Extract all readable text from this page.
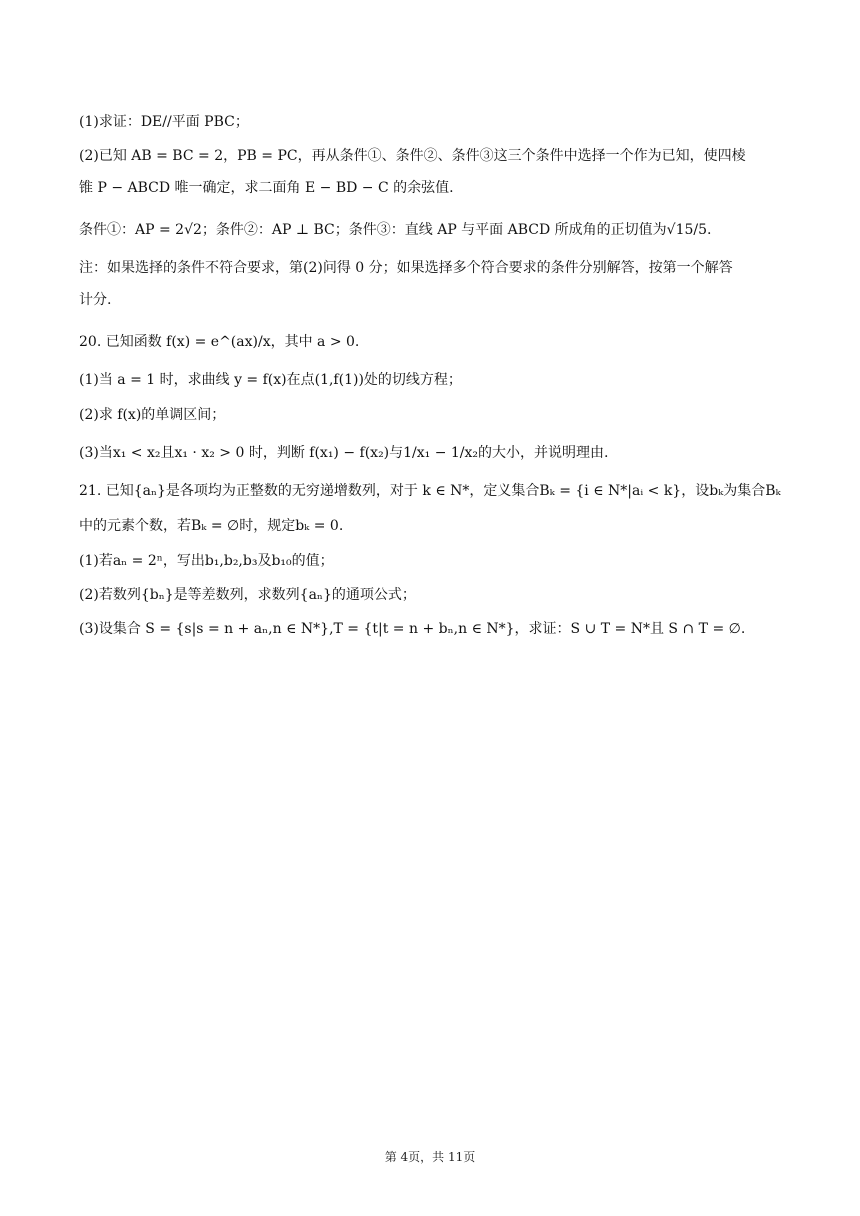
(1)求证：DE//平面 PBC；
(2)已知 AB = BC = 2，PB = PC，再从条件①、条件②、条件③这三个条件中选择一个作为已知，使四棱
锥 P − ABCD 唯一确定，求二面角 E − BD − C 的余弦值.
条件①：AP = 2√2；条件②：AP ⊥ BC；条件③：直线 AP 与平面 ABCD 所成角的正切值为√15/5.
注：如果选择的条件不符合要求，第(2)问得 0 分；如果选择多个符合要求的条件分别解答，按第一个解答
计分.
20. 已知函数 f(x) = e^(ax)/x，其中 a > 0.
(1)当 a = 1 时，求曲线 y = f(x)在点(1,f(1))处的切线方程；
(2)求 f(x)的单调区间；
(3)当x₁ < x₂且x₁ · x₂ > 0 时，判断 f(x₁) − f(x₂)与1/x₁ − 1/x₂的大小，并说明理由.
21. 已知{aₙ}是各项均为正整数的无穷递增数列，对于 k ∈ N*，定义集合Bₖ = {i ∈ N*|aᵢ < k}，设bₖ为集合Bₖ
中的元素个数，若Bₖ = ∅时，规定bₖ = 0.
(1)若aₙ = 2ⁿ，写出b₁,b₂,b₃及b₁₀的值；
(2)若数列{bₙ}是等差数列，求数列{aₙ}的通项公式；
(3)设集合 S = {s|s = n + aₙ,n ∈ N*},T = {t|t = n + bₙ,n ∈ N*}，求证：S ∪ T = N*且 S ∩ T = ∅.
第 4页，共 11页
